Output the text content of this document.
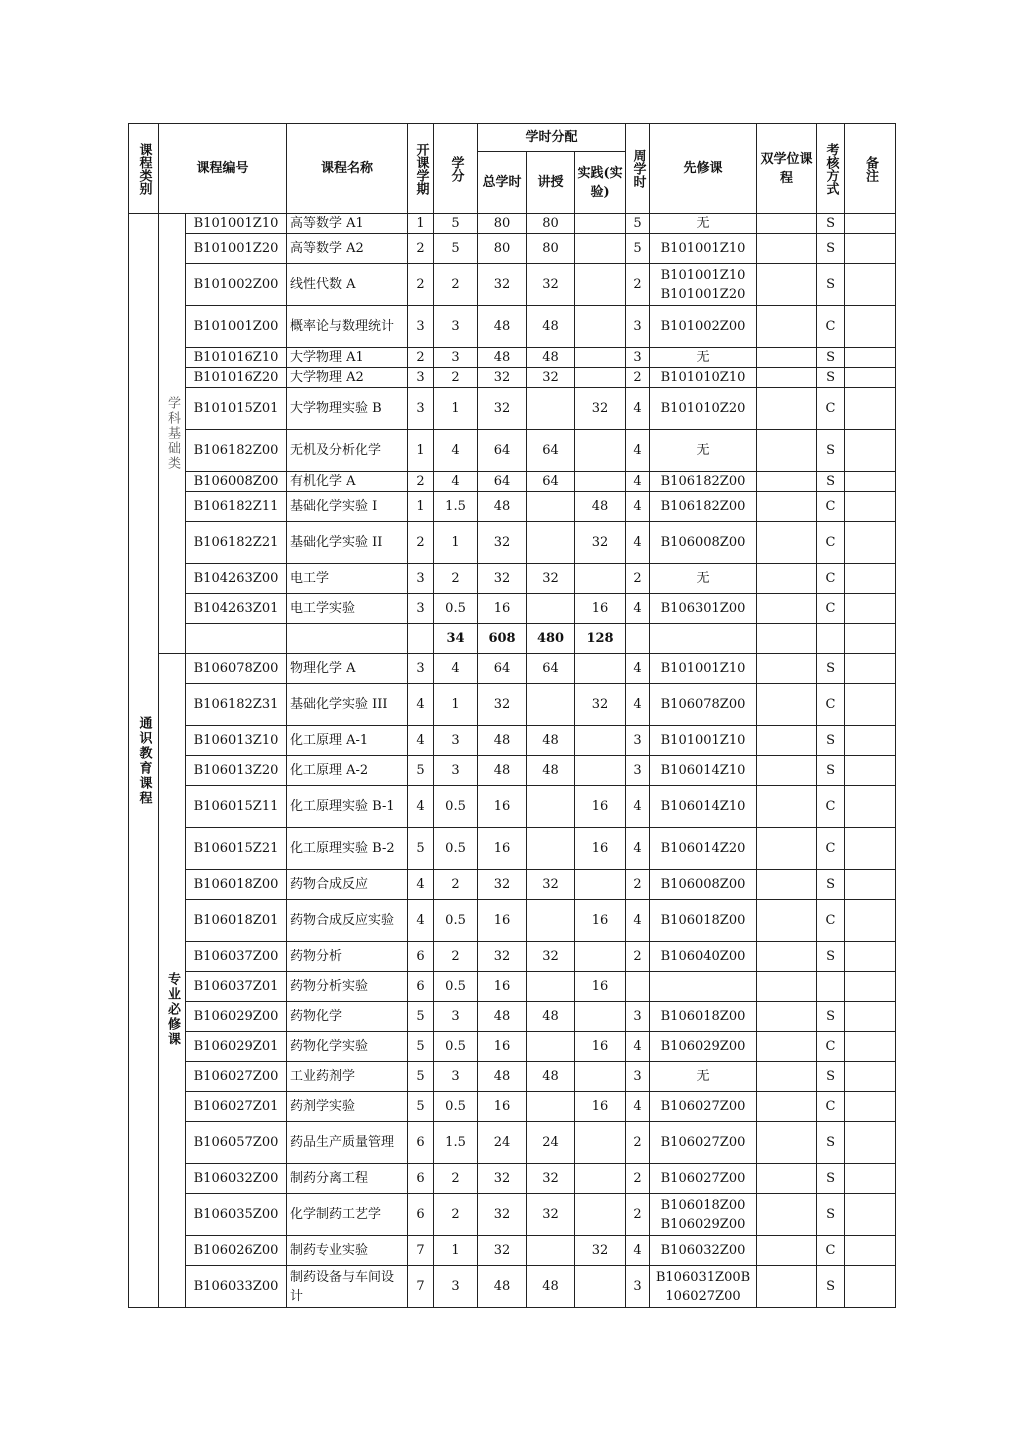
课程类别	课程编号		课程名称	开课学期	学分	学时分配			周学时	先修课	双学位课程	考核方式	备注

						总学时	讲授	实践(实验)					

通识教育课程	学科基础类	B101001Z10	高等数学 A1	1	5	80	80		5	无		S	
		B101001Z20	高等数学 A2	2	5	80	80		5	B101001Z10		S	
		B101002Z00	线性代数 A	2	2	32	32		2	B101001Z10
B101001Z20		S	
		B101001Z00	概率论与数理统计	3	3	48	48		3	B101002Z00		C	
		B101016Z10	大学物理 A1	2	3	48	48		3	无		S	
		B101016Z20	大学物理 A2	3	2	32	32		2	B101010Z10		S	
		B101015Z01	大学物理实验 B	3	1	32		32	4	B101010Z20		C	
		B106182Z00	无机及分析化学	1	4	64	64		4	无		S	
		B106008Z00	有机化学 A	2	4	64	64		4	B106182Z00		S	
		B106182Z11	基础化学实验 I	1	1.5	48		48	4	B106182Z00		C	
		B106182Z21	基础化学实验 II	2	1	32		32	4	B106008Z00		C	
		B104263Z00	电工学	3	2	32	32		2	无		C	
		B104263Z01	电工学实验	3	0.5	16		16	4	B106301Z00		C	
					34	608	480	128					

	专业必修课	B106078Z00	物理化学 A	3	4	64	64		4	B101001Z10		S	
		B106182Z31	基础化学实验 III	4	1	32		32	4	B106078Z00		C	
		B106013Z10	化工原理 A-1	4	3	48	48		3	B101001Z10		S	
		B106013Z20	化工原理 A-2	5	3	48	48		3	B106014Z10		S	
		B106015Z11	化工原理实验 B-1	4	0.5	16		16	4	B106014Z10		C	
		B106015Z21	化工原理实验 B-2	5	0.5	16		16	4	B106014Z20		C	
		B106018Z00	药物合成反应	4	2	32	32		2	B106008Z00		S	
		B106018Z01	药物合成反应实验	4	0.5	16		16	4	B106018Z00		C	
		B106037Z00	药物分析	6	2	32	32		2	B106040Z00		S	
		B106037Z01	药物分析实验	6	0.5	16		16					
		B106029Z00	药物化学	5	3	48	48		3	B106018Z00		S	
		B106029Z01	药物化学实验	5	0.5	16		16	4	B106029Z00		C	
		B106027Z00	工业药剂学	5	3	48	48		3	无		S	
		B106027Z01	药剂学实验	5	0.5	16		16	4	B106027Z00		C	
		B106057Z00	药品生产质量管理	6	1.5	24	24		2	B106027Z00		S	
		B106032Z00	制药分离工程	6	2	32	32		2	B106027Z00		S	
		B106035Z00	化学制药工艺学	6	2	32	32		2	B106018Z00
B106029Z00		S	
		B106026Z00	制药专业实验	7	1	32		32	4	B106032Z00		C	
		B106033Z00	制药设备与车间设计	7	3	48	48		3	B106031Z00B
106027Z00		S	
